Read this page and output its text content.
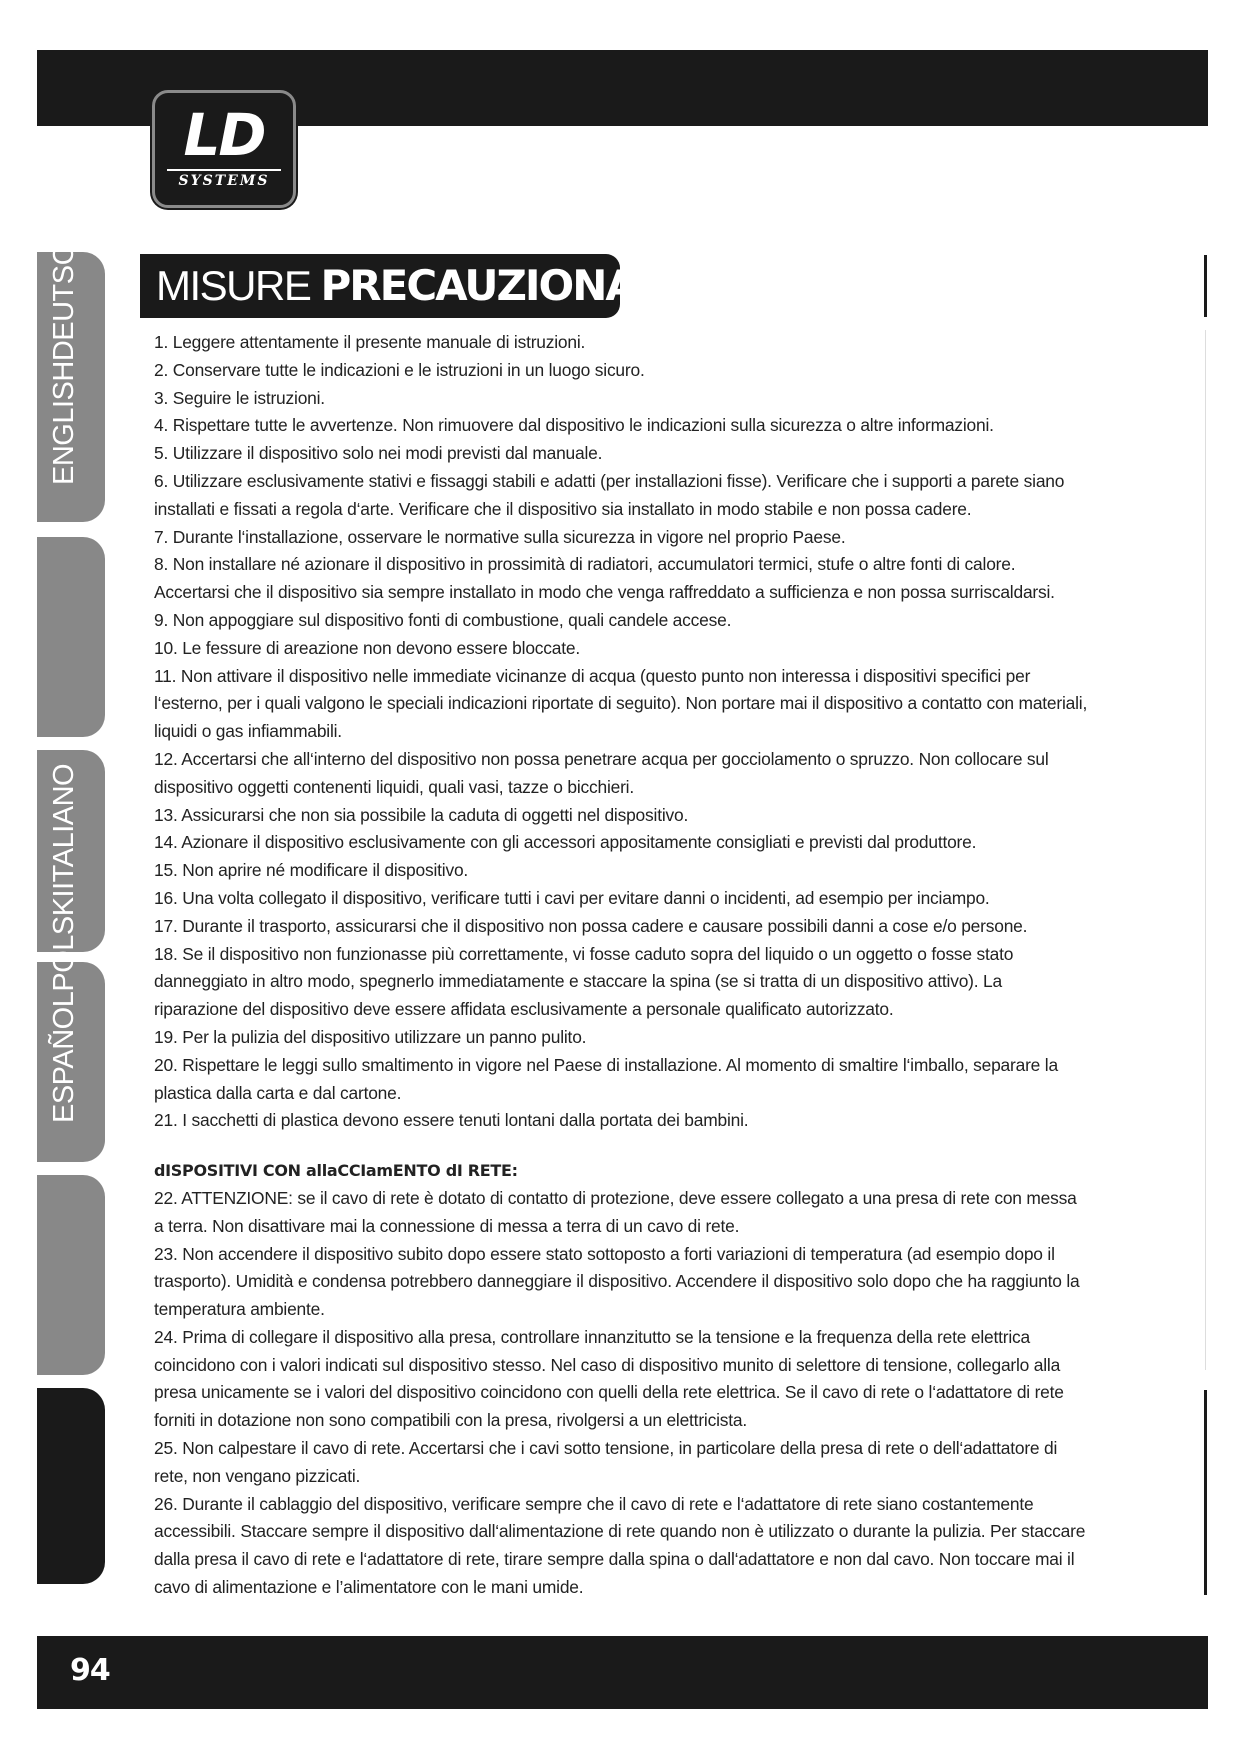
LD
SYSTEMS
ENGLISHDEUTSCH
ESPAÑOLPOLSKIITALIANO
MISURE PRECAUZIONALI:

1. Leggere attentamente il presente manuale di istruzioni.

2. Conservare tutte le indicazioni e le istruzioni in un luogo sicuro.

3. Seguire le istruzioni.

4. Rispettare tutte le avvertenze. Non rimuovere dal dispositivo le indicazioni sulla sicurezza o altre informazioni.

5. Utilizzare il dispositivo solo nei modi previsti dal manuale.

6. Utilizzare esclusivamente stativi e fissaggi stabili e adatti (per installazioni fisse). Verificare che i supporti a parete siano installati e fissati a regola d‘arte. Verificare che il dispositivo sia installato in modo stabile e non possa cadere.

7. Durante l‘installazione, osservare le normative sulla sicurezza in vigore nel proprio Paese.

8. Non installare né azionare il dispositivo in prossimità di radiatori, accumulatori termici, stufe o altre fonti di calore. Accertarsi che il dispositivo sia sempre installato in modo che venga raffreddato a sufficienza e non possa surriscaldarsi.

9. Non appoggiare sul dispositivo fonti di combustione, quali candele accese.

10. Le fessure di areazione non devono essere bloccate.

11. Non attivare il dispositivo nelle immediate vicinanze di acqua (questo punto non interessa i dispositivi specifici per l‘esterno, per i quali valgono le speciali indicazioni riportate di seguito). Non portare mai il dispositivo a contatto con materiali, liquidi o gas infiammabili.

12. Accertarsi che all‘interno del dispositivo non possa penetrare acqua per gocciolamento o spruzzo. Non collocare sul dispositivo oggetti contenenti liquidi, quali vasi, tazze o bicchieri.

13. Assicurarsi che non sia possibile la caduta di oggetti nel dispositivo.

14. Azionare il dispositivo esclusivamente con gli accessori appositamente consigliati e previsti dal produttore.

15. Non aprire né modificare il dispositivo.

16. Una volta collegato il dispositivo, verificare tutti i cavi per evitare danni o incidenti, ad esempio per inciampo.

17. Durante il trasporto, assicurarsi che il dispositivo non possa cadere e causare possibili danni a cose e/o persone.

18. Se il dispositivo non funzionasse più correttamente, vi fosse caduto sopra del liquido o un oggetto o fosse stato danneggiato in altro modo, spegnerlo immediatamente e staccare la spina (se si tratta di un dispositivo attivo). La riparazione del dispositivo deve essere affidata esclusivamente a personale qualificato autorizzato.

19. Per la pulizia del dispositivo utilizzare un panno pulito.

20. Rispettare le leggi sullo smaltimento in vigore nel Paese di installazione. Al momento di smaltire l‘imballo, separare la plastica dalla carta e dal cartone.

21. I sacchetti di plastica devono essere tenuti lontani dalla portata dei bambini.

dISPOSITIVI CON allaCCIamENTO dI RETE:

22. ATTENZIONE: se il cavo di rete è dotato di contatto di protezione, deve essere collegato a una presa di rete con messa a terra. Non disattivare mai la connessione di messa a terra di un cavo di rete.

23. Non accendere il dispositivo subito dopo essere stato sottoposto a forti variazioni di temperatura (ad esempio dopo il trasporto). Umidità e condensa potrebbero danneggiare il dispositivo. Accendere il dispositivo solo dopo che ha raggiunto la temperatura ambiente.

24. Prima di collegare il dispositivo alla presa, controllare innanzitutto se la tensione e la frequenza della rete elettrica coincidono con i valori indicati sul dispositivo stesso. Nel caso di dispositivo munito di selettore di tensione, collegarlo alla presa unicamente se i valori del dispositivo coincidono con quelli della rete elettrica. Se il cavo di rete o l‘adattatore di rete forniti in dotazione non sono compatibili con la presa, rivolgersi a un elettricista.

25. Non calpestare il cavo di rete. Accertarsi che i cavi sotto tensione, in particolare della presa di rete o dell‘adattatore di rete, non vengano pizzicati.

26. Durante il cablaggio del dispositivo, verificare sempre che il cavo di rete e l‘adattatore di rete siano costantemente accessibili. Staccare sempre il dispositivo dall‘alimentazione di rete quando non è utilizzato o durante la pulizia. Per staccare dalla presa il cavo di rete e l‘adattatore di rete, tirare sempre dalla spina o dall‘adattatore e non dal cavo. Non toccare mai il cavo di alimentazione e l’alimentatore con le mani umide.

94
